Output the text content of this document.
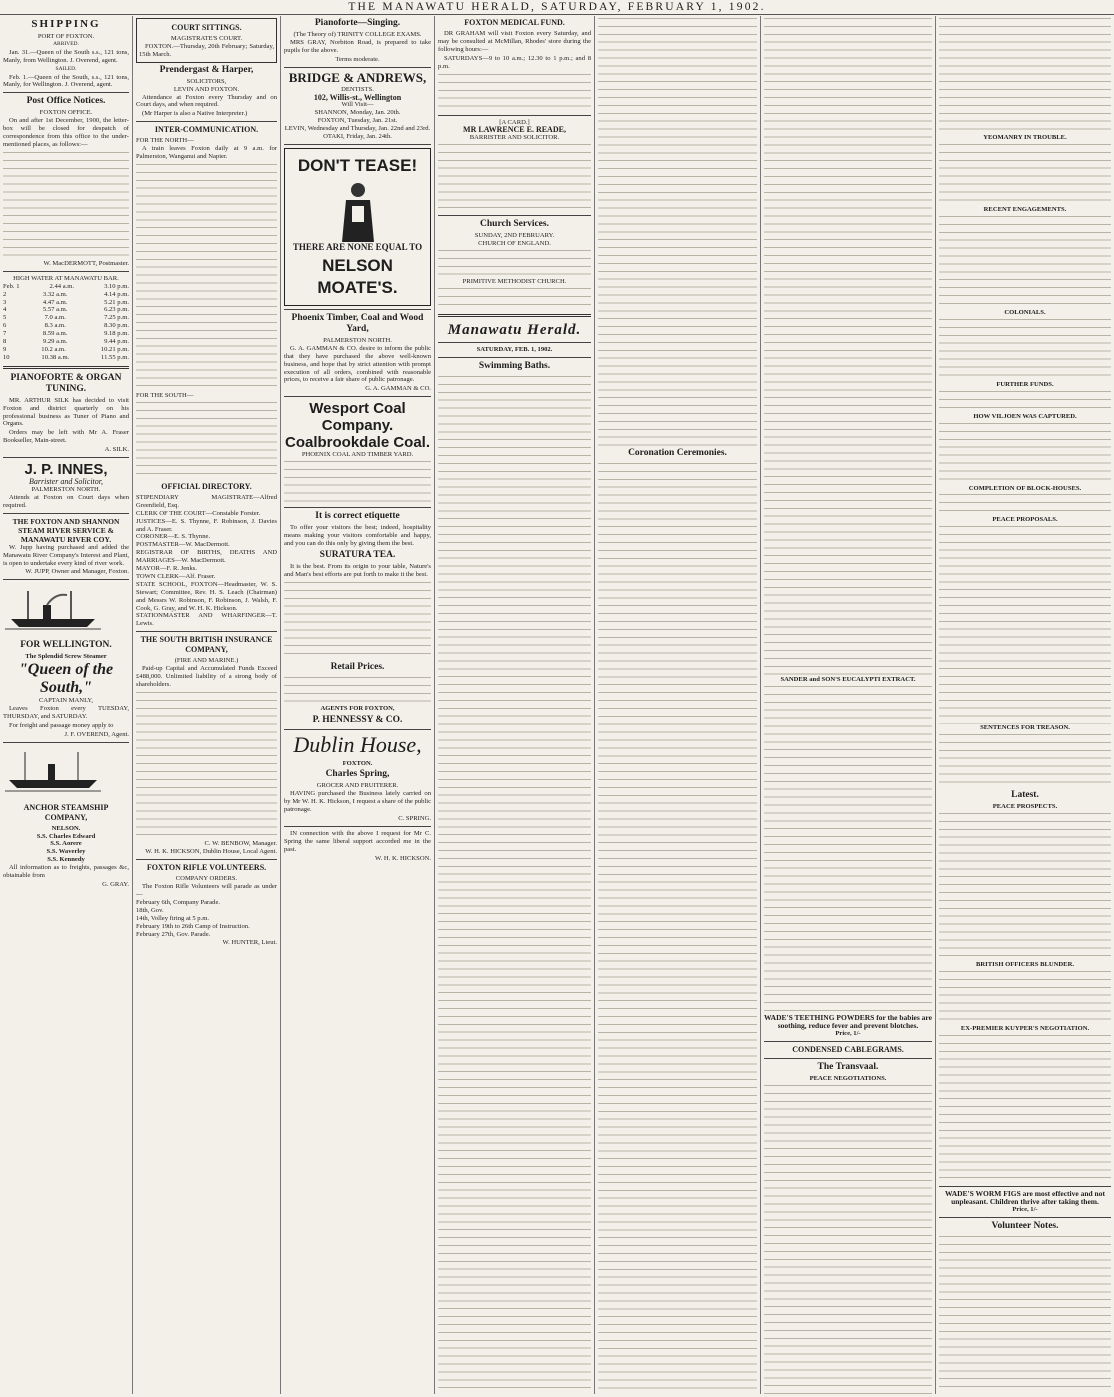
THE MANAWATU HERALD, SATURDAY, FEBRUARY 1, 1902.
SHIPPING
PORT OF FOXTON.
ARRIVED.

Jan. 31.—Queen of the South s.s., 121 tons, Manly, from Wellington. J. Overend, agent.

SAILED.

Feb. 1.—Queen of the South, s.s., 121 tons, Manly, for Wellington. J. Overend, agent.

Post Office Notices.
FOXTON OFFICE.

On and after 1st December, 1900, the letter-box will be closed for despatch of correspondence from this office to the under-mentioned places, as follows:—

W. MacDERMOTT, Postmaster.
HIGH WATER AT MANAWATU BAR.
Feb. 1	2.44 a.m.	3.10 p.m.
2	3.32 a.m.	4.14 p.m.
3	4.47 a.m.	5.21 p.m.
4	5.57 a.m.	6.23 p.m.
5	7.0 a.m.	7.25 p.m.
6	8.3 a.m.	8.30 p.m.
7	8.59 a.m.	9.18 p.m.
8	9.29 a.m.	9.44 p.m.
9	10.2 a.m.	10.21 p.m.
10	10.38 a.m.	11.55 p.m.
PIANOFORTE & ORGAN TUNING.

MR. ARTHUR SILK has decided to visit Foxton and district quarterly on his professional business as Tuner of Piano and Organs.

Orders may be left with Mr A. Fraser Bookseller, Main-street.

A. SILK.
J. P. INNES,
Barrister and Solicitor,
PALMERSTON NORTH.

Attends at Foxton on Court days when required.

THE FOXTON AND SHANNON STEAM RIVER SERVICE & MANAWATU RIVER COY.

W. Jupp having purchased and added the Manawatu River Company's Interest and Plant, is open to undertake every kind of river work.

W. JUPP, Owner and Manager, Foxton.
FOR WELLINGTON.
The Splendid Screw Steamer
"Queen of the South,"
CAPTAIN MANLY,

Leaves Foxton every TUESDAY, THURSDAY, and SATURDAY.

For freight and passage money apply to

J. F. OVEREND, Agent.
ANCHOR STEAMSHIP COMPANY,
NELSON.
S.S. Charles Edward
S.S. Aorere
S.S. Waverley
S.S. Kennedy

All information as to freights, passages &c, obtainable from

G. GRAY.
COURT SITTINGS.
MAGISTRATE'S COURT.

FOXTON.—Thursday, 20th February; Saturday, 15th March.

Prendergast & Harper,
SOLICITORS,
LEVIN AND FOXTON.

Attendance at Foxton every Thursday and on Court days, and when required.

(Mr Harper is also a Native Interpreter.)

INTER-COMMUNICATION.
FOR THE NORTH—

A train leaves Foxton daily at 9 a.m. for Palmerston, Wanganui and Napier.

FOR THE SOUTH—
OFFICIAL DIRECTORY.
STIPENDIARY MAGISTRATE—Alfred Greenfield, Esq.
CLERK OF THE COURT—Constable Forster.
JUSTICES—E. S. Thynne, F. Robinson, J. Davies and A. Fraser.
CORONER—E. S. Thynne.
POSTMASTER—W. MacDermott.
REGISTRAR OF BIRTHS, DEATHS AND MARRIAGES—W. MacDermott.
MAYOR—F. R. Jenks.
TOWN CLERK—Alf. Fraser.
STATE SCHOOL, FOXTON—Headmaster, W. S. Stewart; Committee, Rev. H. S. Leach (Chairman) and Messrs W. Robinson, F. Robinson, J. Walsh, F. Cook, G. Gray, and W. H. K. Hickson.
STATIONMASTER AND WHARFINGER—T. Lewis.
THE SOUTH BRITISH INSURANCE COMPANY,
(FIRE AND MARINE.)

Paid-up Capital and Accumulated Funds Exceed £488,000. Unlimited liability of a strong body of shareholders.

C. W. BENBOW, Manager.
W. H. K. HICKSON, Dublin House, Local Agent.
FOXTON RIFLE VOLUNTEERS.
COMPANY ORDERS.

The Foxton Rifle Volunteers will parade as under—

February 6th, Company Parade.
18th, Gov.
14th, Volley firing at 5 p.m.
February 19th to 26th Camp of Instruction.
February 27th, Gov. Parade.
W. HUNTER, Lieut.
Pianoforte—Singing.
(The Theory of) TRINITY COLLEGE EXAMS.

MRS GRAY, Norbiton Road, is prepared to take pupils for the above.

Terms moderate.
BRIDGE & ANDREWS,
DENTISTS.
102, Willis-st., Wellington
Will Visit—
SHANNON, Monday, Jan. 20th.
FOXTON, Tuesday, Jan. 21st.
LEVIN, Wednesday and Thursday, Jan. 22nd and 23rd.
OTAKI, Friday, Jan. 24th.
DON'T TEASE!
THERE ARE NONE EQUAL TO
NELSON MOATE'S.
Phoenix Timber, Coal and Wood Yard,
PALMERSTON NORTH.

G. A. GAMMAN & CO. desire to inform the public that they have purchased the above well-known business, and hope that by strict attention with prompt execution of all orders, combined with reasonable prices, to receive a fair share of public patronage.

G. A. GAMMAN & CO.
Wesport Coal Company.
Coalbrookdale Coal.
PHOENIX COAL AND TIMBER YARD.
It is correct etiquette

To offer your visitors the best; indeed, hospitality means making your visitors comfortable and happy, and you can do this only by giving them the best.

SURATURA TEA.

It is the best. From its origin to your table, Nature's and Man's best efforts are put forth to make it the best.

Retail Prices.
AGENTS FOR FOXTON,
P. HENNESSY & CO.
Dublin House,
FOXTON.
Charles Spring,
GROCER AND FRUITERER.

HAVING purchased the Business lately carried on by Mr W. H. K. Hickson, I request a share of the public patronage.

C. SPRING.

IN connection with the above I request for Mr C. Spring the same liberal support accorded me in the past.

W. H. K. HICKSON.
FOXTON MEDICAL FUND.

DR GRAHAM will visit Foxton every Saturday, and may be consulted at McMillan, Rhodes' store during the following hours:—

SATURDAYS—9 to 10 a.m.; 12.30 to 1 p.m.; and 8 p.m.

[A CARD.]
MR LAWRENCE E. READE,
BARRISTER AND SOLICITOR.
Church Services.
SUNDAY, 2ND FEBRUARY.
CHURCH OF ENGLAND.
PRIMITIVE METHODIST CHURCH.
Manawatu Herald.
SATURDAY, FEB. 1, 1902.
Swimming Baths.
Coronation Ceremonies.
SANDER and SON'S EUCALYPTI EXTRACT.
WADE'S TEETHING POWDERS for the babies are soothing, reduce fever and prevent blotches.
Price, 1/-
CONDENSED CABLEGRAMS.
The Transvaal.
PEACE NEGOTIATIONS.
YEOMANRY IN TROUBLE.
RECENT ENGAGEMENTS.
COLONIALS.
FURTHER FUNDS.
HOW VILJOEN WAS CAPTURED.
COMPLETION OF BLOCK-HOUSES.
PEACE PROPOSALS.
SENTENCES FOR TREASON.
Latest.
PEACE PROSPECTS.
BRITISH OFFICERS BLUNDER.
EX-PREMIER KUYPER'S NEGOTIATION.
WADE'S WORM FIGS are most effective and not unpleasant. Children thrive after taking them.
Price, 1/-
Volunteer Notes.
